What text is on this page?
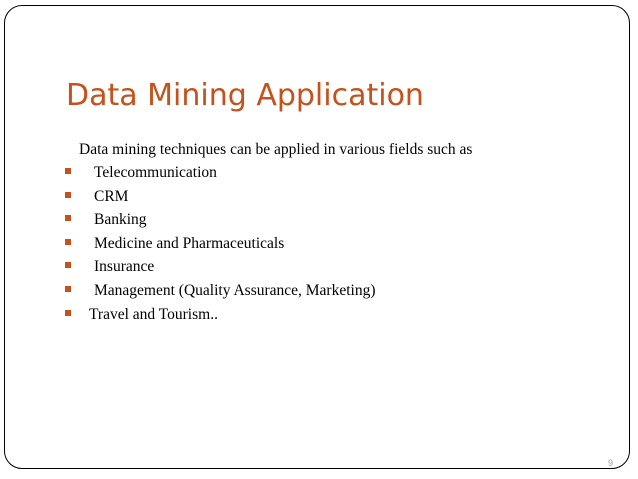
Data Mining Application

Data mining techniques can be applied in various fields such as

Telecommunication
CRM
Banking
Medicine and Pharmaceuticals
Insurance
Management (Quality Assurance, Marketing)
Travel and Tourism..
9
